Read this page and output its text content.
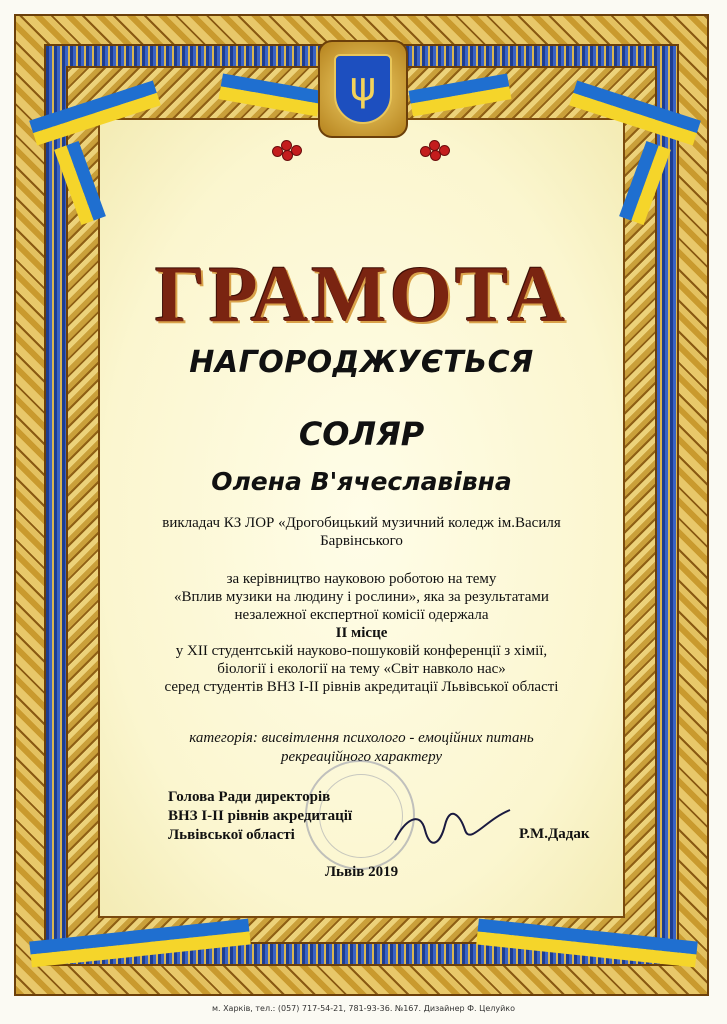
ψ
ГРАМОТА
НАГОРОДЖУЄТЬСЯ
СОЛЯР
Олена В'ячеславівна
викладач КЗ ЛОР «Дрогобицький музичний коледж ім.Василя
Барвінського
за керівництво науковою роботою на тему
«Вплив музики на людину і рослини», яка за результатами
незалежної експертної комісії одержала
ІІ місце
у ХІІ студентській науково-пошуковій конференції з хімії,
біології і екології на тему «Світ навколо нас»
серед студентів ВНЗ І-ІІ рівнів акредитації Львівської області
категорія: висвітлення психолого - емоційних питань
рекреаційного характеру
Голова Ради директорів
ВНЗ І-ІІ рівнів акредитації
Львівської області	Р.М.Дадак
Львів 2019
м. Харків, тел.: (057) 717-54-21, 781-93-36. №167. Дизайнер Ф. Целуйко
